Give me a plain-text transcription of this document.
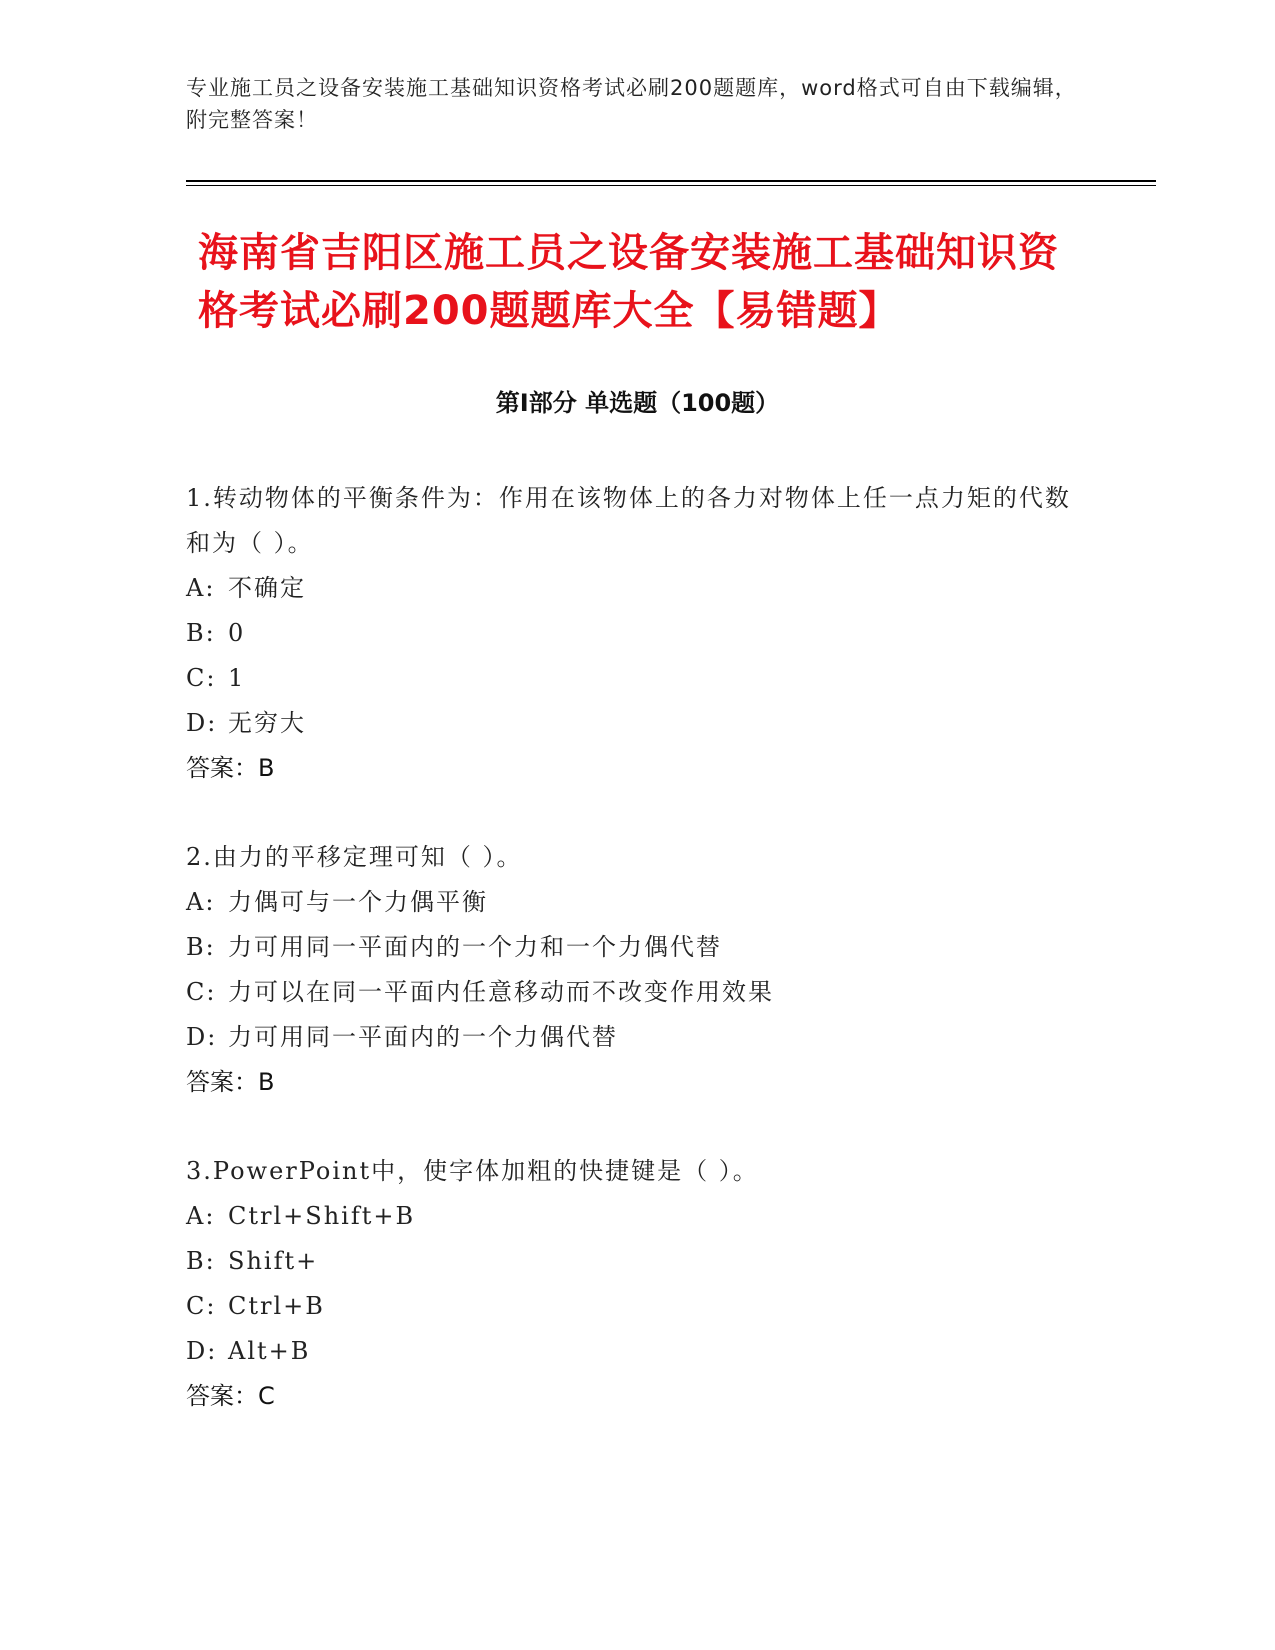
专业施工员之设备安装施工基础知识资格考试必刷200题题库，word格式可自由下载编辑，附完整答案！
海南省吉阳区施工员之设备安装施工基础知识资格考试必刷200题题库大全【易错题】
第I部分 单选题（100题）

1.转动物体的平衡条件为：作用在该物体上的各力对物体上任一点力矩的代数和为（ ）。

A: 不确定

B: 0

C: 1

D: 无穷大

答案：B

2.由力的平移定理可知（ ）。

A: 力偶可与一个力偶平衡

B: 力可用同一平面内的一个力和一个力偶代替

C: 力可以在同一平面内任意移动而不改变作用效果

D: 力可用同一平面内的一个力偶代替

答案：B

3.PowerPoint中，使字体加粗的快捷键是（ ）。

A: Ctrl+Shift+B

B: Shift+

C: Ctrl+B

D: Alt+B

答案：C
